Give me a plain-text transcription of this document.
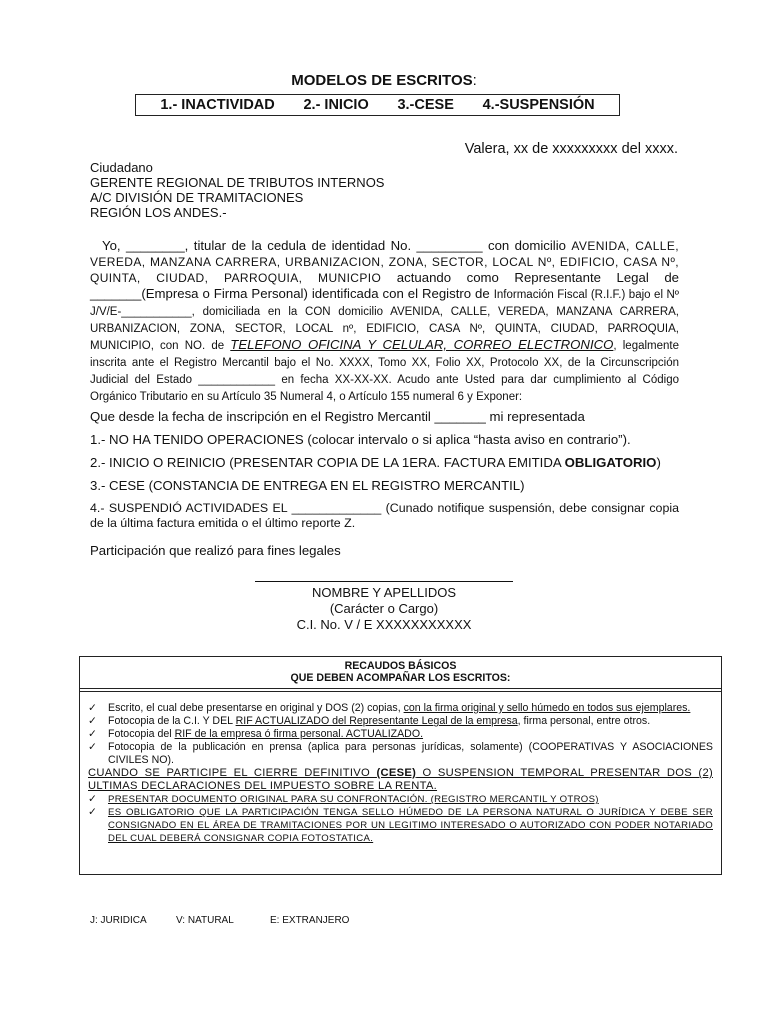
MODELOS DE ESCRITOS:
1.- INACTIVIDAD 2.- INICIO 3.-CESE 4.-SUSPENSIÓN
Valera, xx de xxxxxxxxx del xxxx.
Ciudadano
GERENTE REGIONAL DE TRIBUTOS INTERNOS
A/C DIVISIÓN DE TRAMITACIONES
REGIÓN LOS ANDES.-
Yo, ________, titular de la cedula de identidad No. _________ con domicilio AVENIDA, CALLE, VEREDA, MANZANA CARRERA, URBANIZACION, ZONA, SECTOR, LOCAL Nº, EDIFICIO, CASA Nº, QUINTA, CIUDAD, PARROQUIA, MUNICPIO actuando como Representante Legal de _______(Empresa o Firma Personal) identificada con el Registro de Información Fiscal (R.I.F.) bajo el Nº J/V/E-___________, domiciliada en la CON domicilio AVENIDA, CALLE, VEREDA, MANZANA CARRERA, URBANIZACION, ZONA, SECTOR, LOCAL nº, EDIFICIO, CASA Nº, QUINTA, CIUDAD, PARROQUIA, MUNICIPIO, con NO. de TELEFONO OFICINA Y CELULAR, CORREO ELECTRONICO, legalmente inscrita ante el Registro Mercantil bajo el No. XXXX, Tomo XX, Folio XX, Protocolo XX, de la Circunscripción Judicial del Estado ____________ en fecha XX-XX-XX. Acudo ante Usted para dar cumplimiento al Código Orgánico Tributario en su Artículo 35 Numeral 4, o Artículo 155 numeral 6 y Exponer:
Que desde la fecha de inscripción en el Registro Mercantil _______ mi representada
1.- NO HA TENIDO OPERACIONES (colocar intervalo o si aplica “hasta aviso en contrario”).
2.- INICIO O REINICIO (PRESENTAR COPIA DE LA 1ERA. FACTURA EMITIDA OBLIGATORIO)
3.- CESE (CONSTANCIA DE ENTREGA EN EL REGISTRO MERCANTIL)
4.- SUSPENDIÓ ACTIVIDADES EL _____________ (Cunado notifique suspensión, debe consignar copia de la última factura emitida o el último reporte Z.
Participación que realizó para fines legales
NOMBRE Y APELLIDOS
(Carácter o Cargo)
C.I. No. V / E XXXXXXXXXXX
RECAUDOS BÁSICOS
QUE DEBEN ACOMPAÑAR LOS ESCRITOS:
✓	Escrito, el cual debe presentarse en original y DOS (2) copias, con la firma original y sello húmedo en todos sus ejemplares.
✓	Fotocopia de la C.I. Y DEL RIF ACTUALIZADO del Representante Legal de la empresa, firma personal, entre otros.
✓	Fotocopia del RIF de la empresa ó firma personal. ACTUALIZADO.
✓	Fotocopia de la publicación en prensa (aplica para personas jurídicas, solamente) (COOPERATIVAS Y ASOCIACIONES CIVILES NO).
CUANDO SE PARTICIPE EL CIERRE DEFINITIVO (CESE) O SUSPENSION TEMPORAL PRESENTAR DOS (2) ULTIMAS DECLARACIONES DEL IMPUESTO SOBRE LA RENTA.
✓	PRESENTAR DOCUMENTO ORIGINAL PARA SU CONFRONTACIÓN. (REGISTRO MERCANTIL Y OTROS)
✓	ES OBLIGATORIO QUE LA PARTICIPACIÓN TENGA SELLO HÚMEDO DE LA PERSONA NATURAL O JURÍDICA Y DEBE SER CONSIGNADO EN EL ÁREA DE TRAMITACIONES POR UN LEGITIMO INTERESADO O AUTORIZADO CON PODER NOTARIADO DEL CUAL DEBERÁ CONSIGNAR COPIA FOTOSTATICA.
J: JURIDICA	V: NATURAL	E: EXTRANJERO
